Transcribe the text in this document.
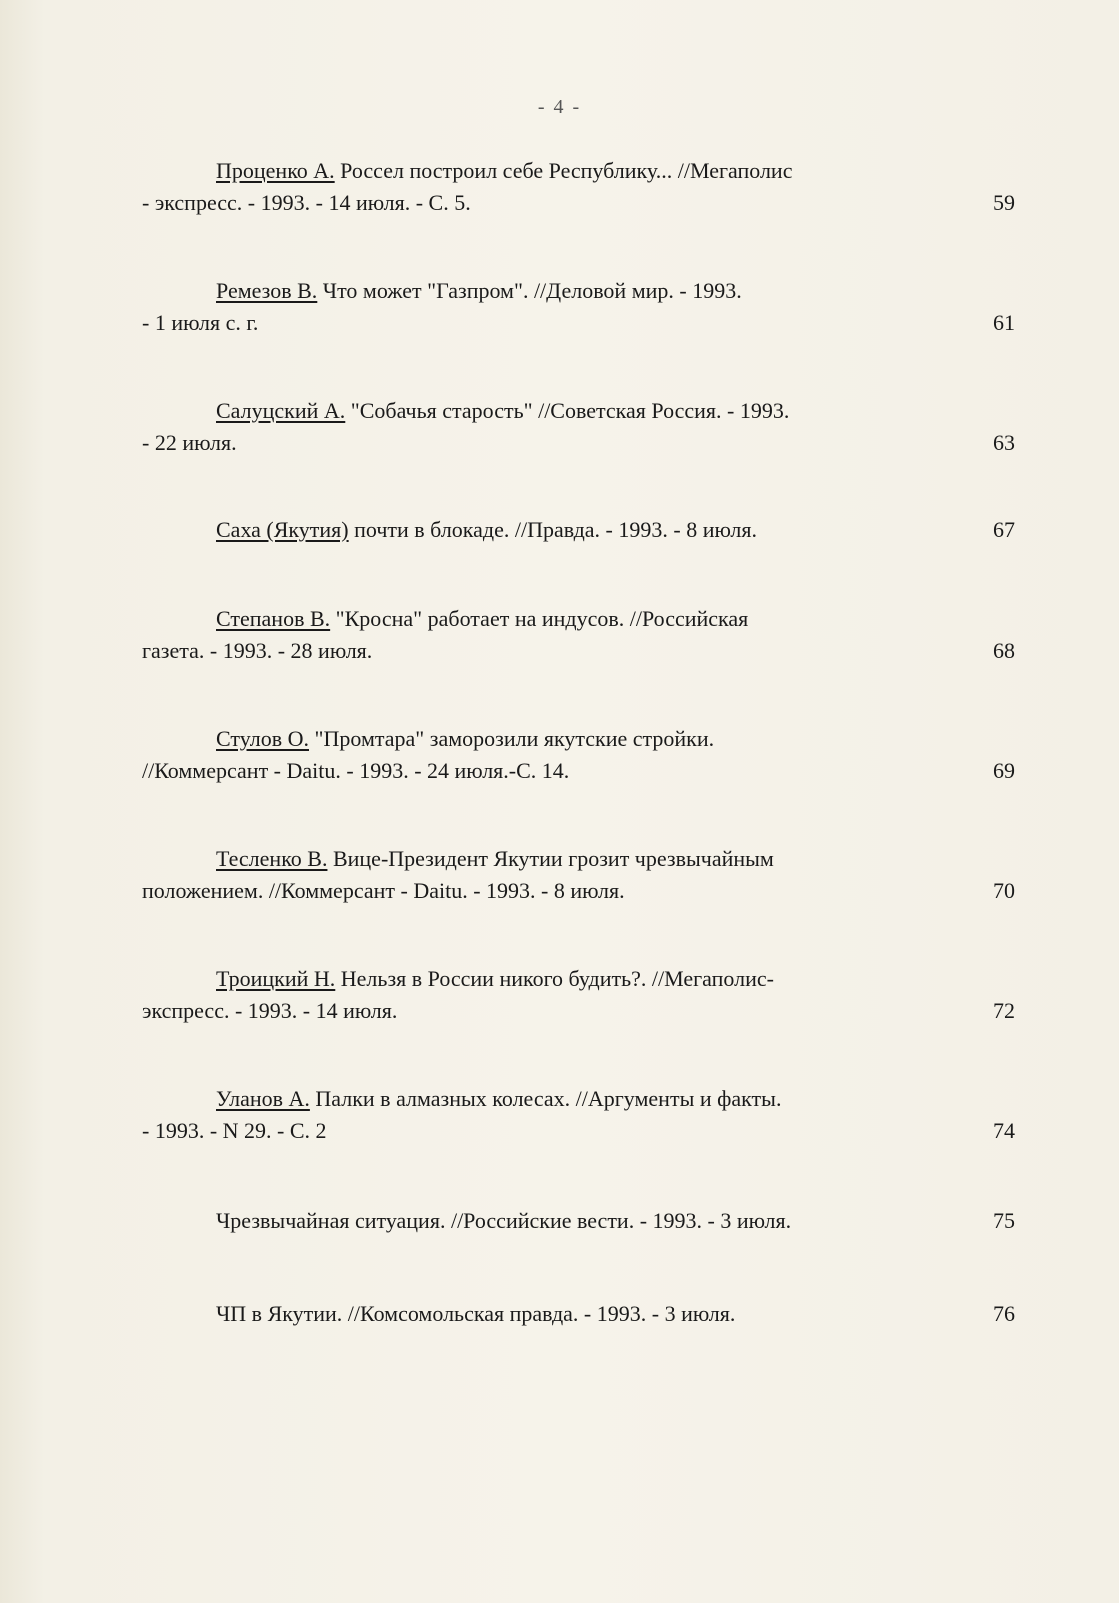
- 4 -
Проценко А. Россел построил себе Республику... //Мегаполис
- экспресс. - 1993. - 14 июля. - С. 5.	59
Ремезов В. Что может "Газпром". //Деловой мир. - 1993.
- 1 июля с. г.	61
Салуцский А. "Собачья старость" //Советская Россия. - 1993.
- 22 июля.	63
Саха (Якутия) почти в блокаде. //Правда. - 1993. - 8 июля.	67
Степанов В. "Кросна" работает на индусов. //Российская
газета. - 1993. - 28 июля.	68
Стулов О. "Промтара" заморозили якутские стройки.
//Коммерсант - Daitu. - 1993. - 24 июля.-С. 14.	69
Тесленко В. Вице-Президент Якутии грозит чрезвычайным
положением. //Коммерсант - Daitu. - 1993. - 8 июля.	70
Троицкий Н. Нельзя в России никого будить?. //Мегаполис-
экспресс. - 1993. - 14 июля.	72
Уланов А. Палки в алмазных колесах. //Аргументы и факты.
- 1993. - N 29. - С. 2	74
Чрезвычайная ситуация. //Российские вести. - 1993. - 3 июля.	75
ЧП в Якутии. //Комсомольская правда. - 1993. - 3 июля.	76
